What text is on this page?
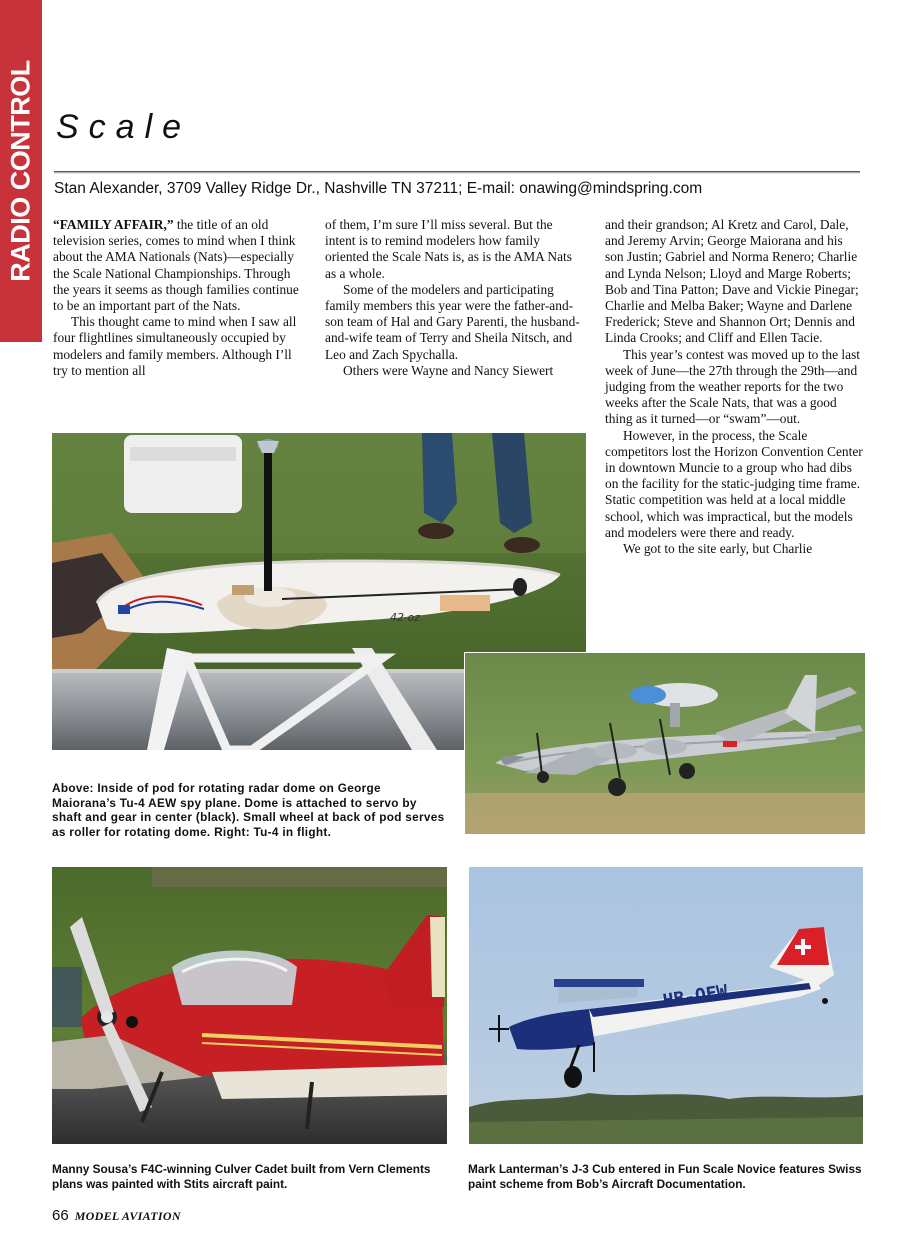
RADIO CONTROL Scale
Stan Alexander, 3709 Valley Ridge Dr., Nashville TN 37211; E-mail: onawing@mindspring.com

“FAMILY AFFAIR,” the title of an old television series, comes to mind when I think about the AMA Nationals (Nats)—especially the Scale National Championships. Through the years it seems as though families continue to be an important part of the Nats.

This thought came to mind when I saw all four flightlines simultaneously occupied by modelers and family members. Although I’ll try to mention all

of them, I’m sure I’ll miss several. But the intent is to remind modelers how family oriented the Scale Nats is, as is the AMA Nats as a whole.

Some of the modelers and participating family members this year were the father-and-son team of Hal and Gary Parenti, the husband-and-wife team of Terry and Sheila Nitsch, and Leo and Zach Spychalla.

Others were Wayne and Nancy Siewert

and their grandson; Al Kretz and Carol, Dale, and Jeremy Arvin; George Maiorana and his son Justin; Gabriel and Norma Renero; Charlie and Lynda Nelson; Lloyd and Marge Roberts; Bob and Tina Patton; Dave and Vickie Pinegar; Charlie and Melba Baker; Wayne and Darlene Frederick; Steve and Shannon Ort; Dennis and Linda Crooks; and Cliff and Ellen Tacie.

This year’s contest was moved up to the last week of June—the 27th through the 29th—and judging from the weather reports for the two weeks after the Scale Nats, that was a good thing as it turned—or “swam”—out.

However, in the process, the Scale competitors lost the Horizon Convention Center in downtown Muncie to a group who had dibs on the facility for the static-judging time frame. Static competition was held at a local middle school, which was impractical, but the models and modelers were there and ready.

We got to the site early, but Charlie

42 oz
HB-OFW
Above: Inside of pod for rotating radar dome on George Maiorana’s Tu-4 AEW spy plane. Dome is attached to servo by shaft and gear in center (black). Small wheel at back of pod serves as roller for rotating dome. Right: Tu-4 in flight.
Manny Sousa’s F4C-winning Culver Cadet built from Vern Clements plans was painted with Stits aircraft paint.
Mark Lanterman’s J-3 Cub entered in Fun Scale Novice features Swiss paint scheme from Bob’s Aircraft Documentation.
66 MODEL AVIATION
